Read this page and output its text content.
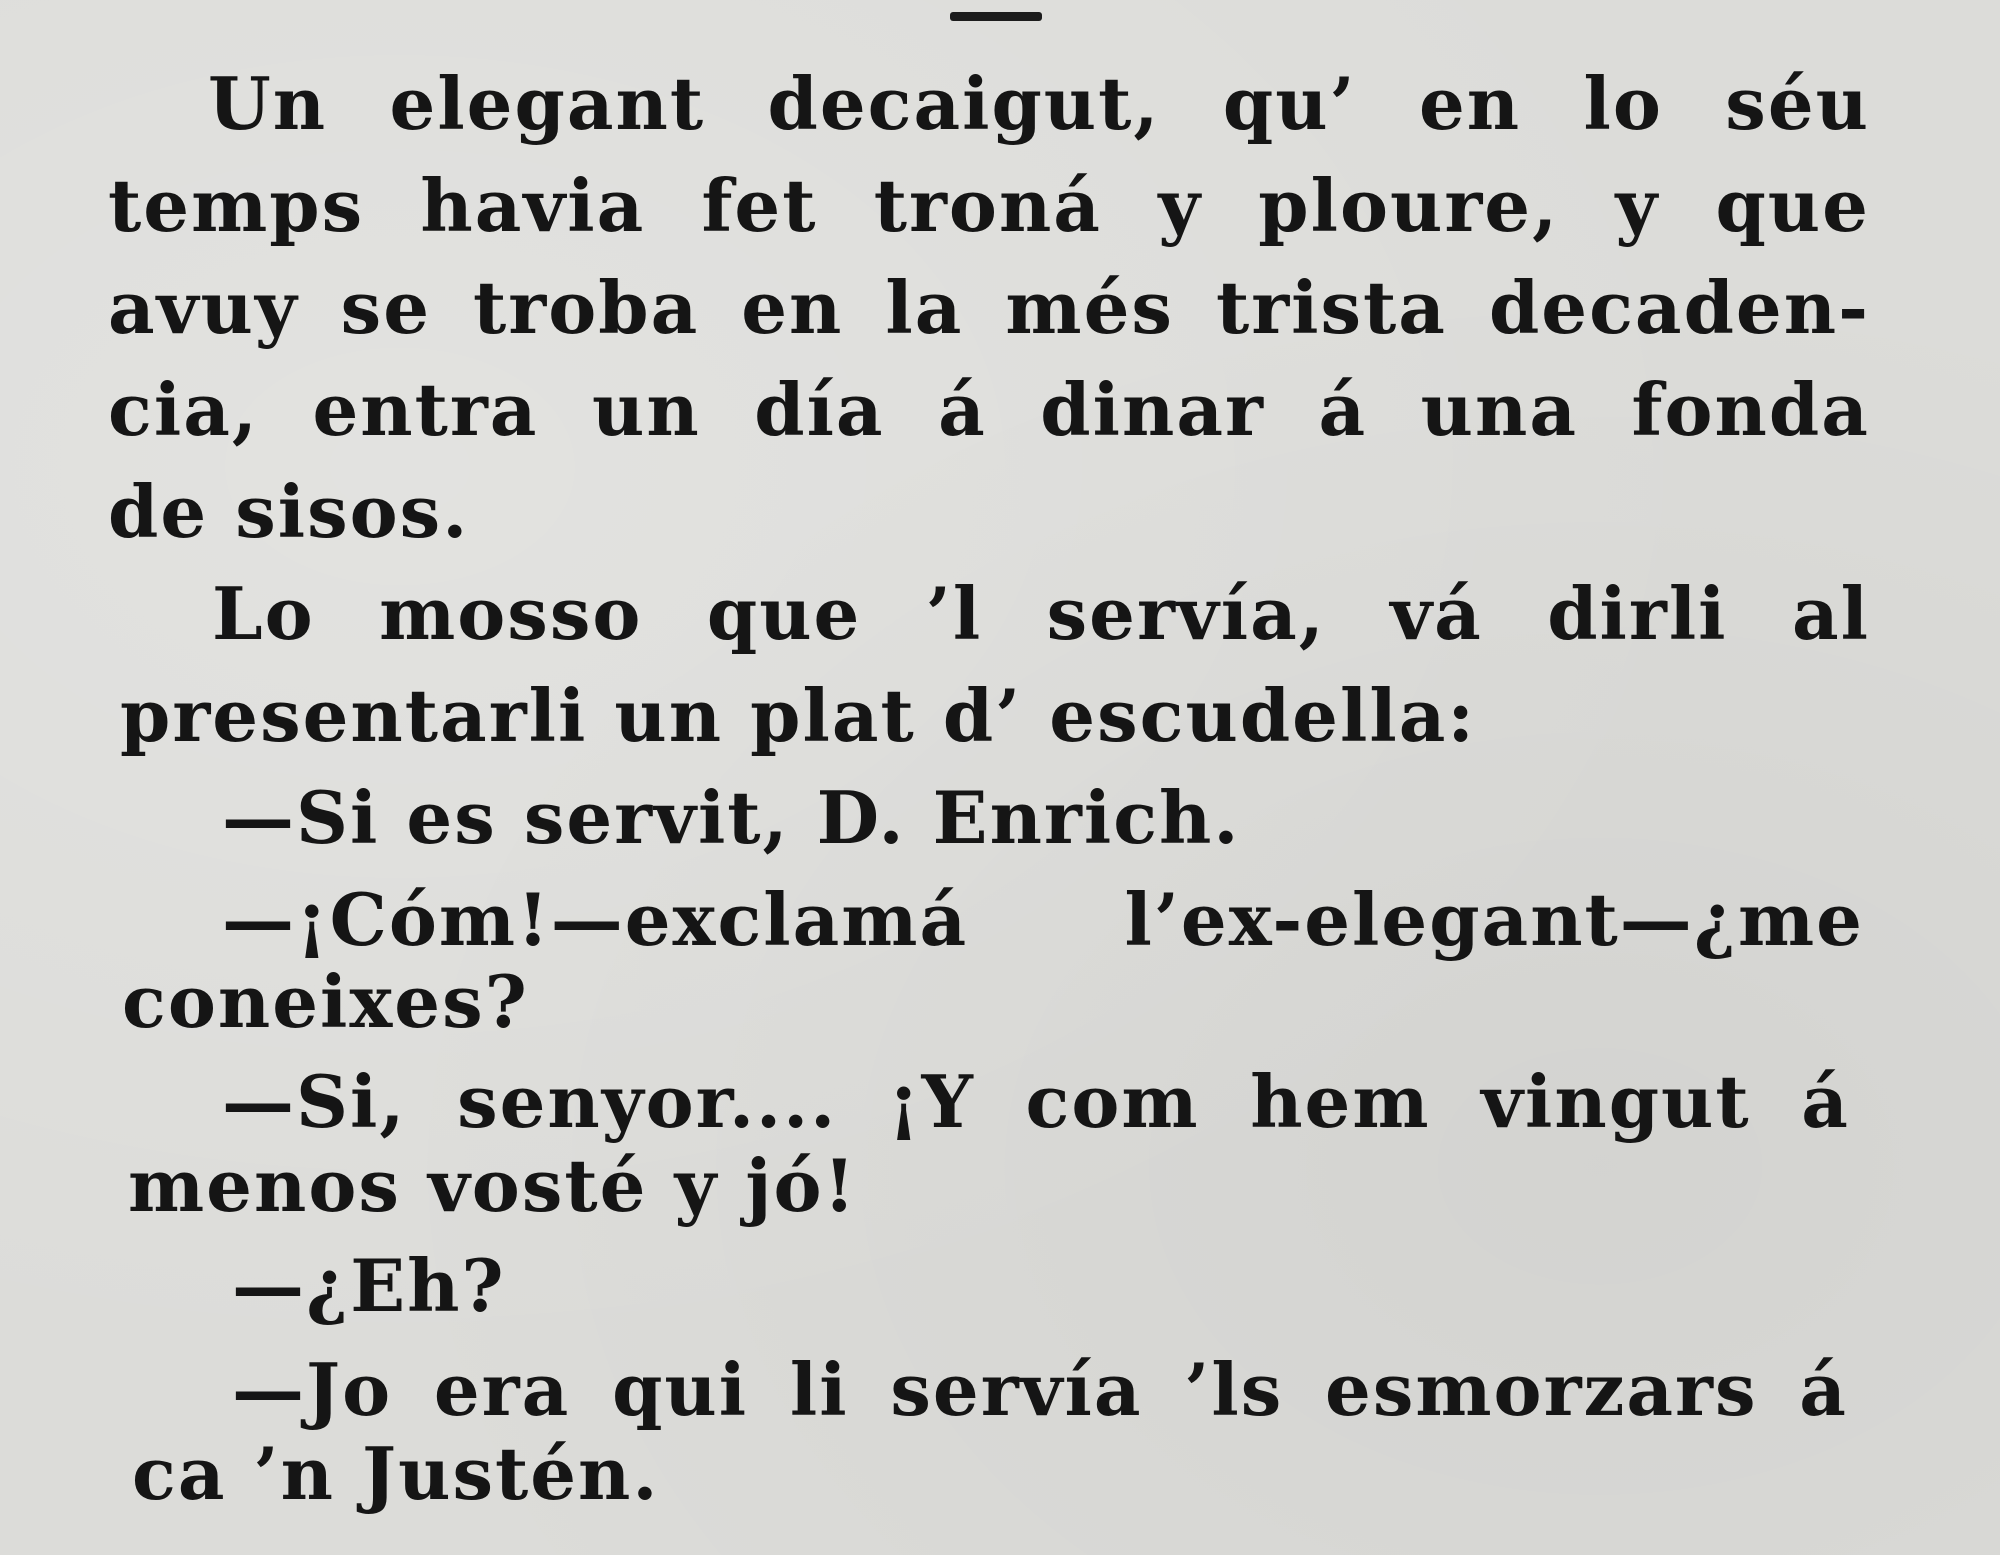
Un elegant decaigut, qu’ en lo séu
temps havia fet troná y ploure, y que
avuy se troba en la més trista decaden-
cia, entra un día á dinar á una fonda
de sisos.
Lo mosso que ’l servía, vá dirli al
presentarli un plat d’ escudella:
—Si es servit, D. Enrich.
—¡Cóm!—exclamá l’ex-elegant—¿me
coneixes?
—Si, senyor.... ¡Y com hem vingut á
menos vosté y jó!
—¿Eh?
—Jo era qui li servía ’ls esmorzars á
ca ’n Justén.
